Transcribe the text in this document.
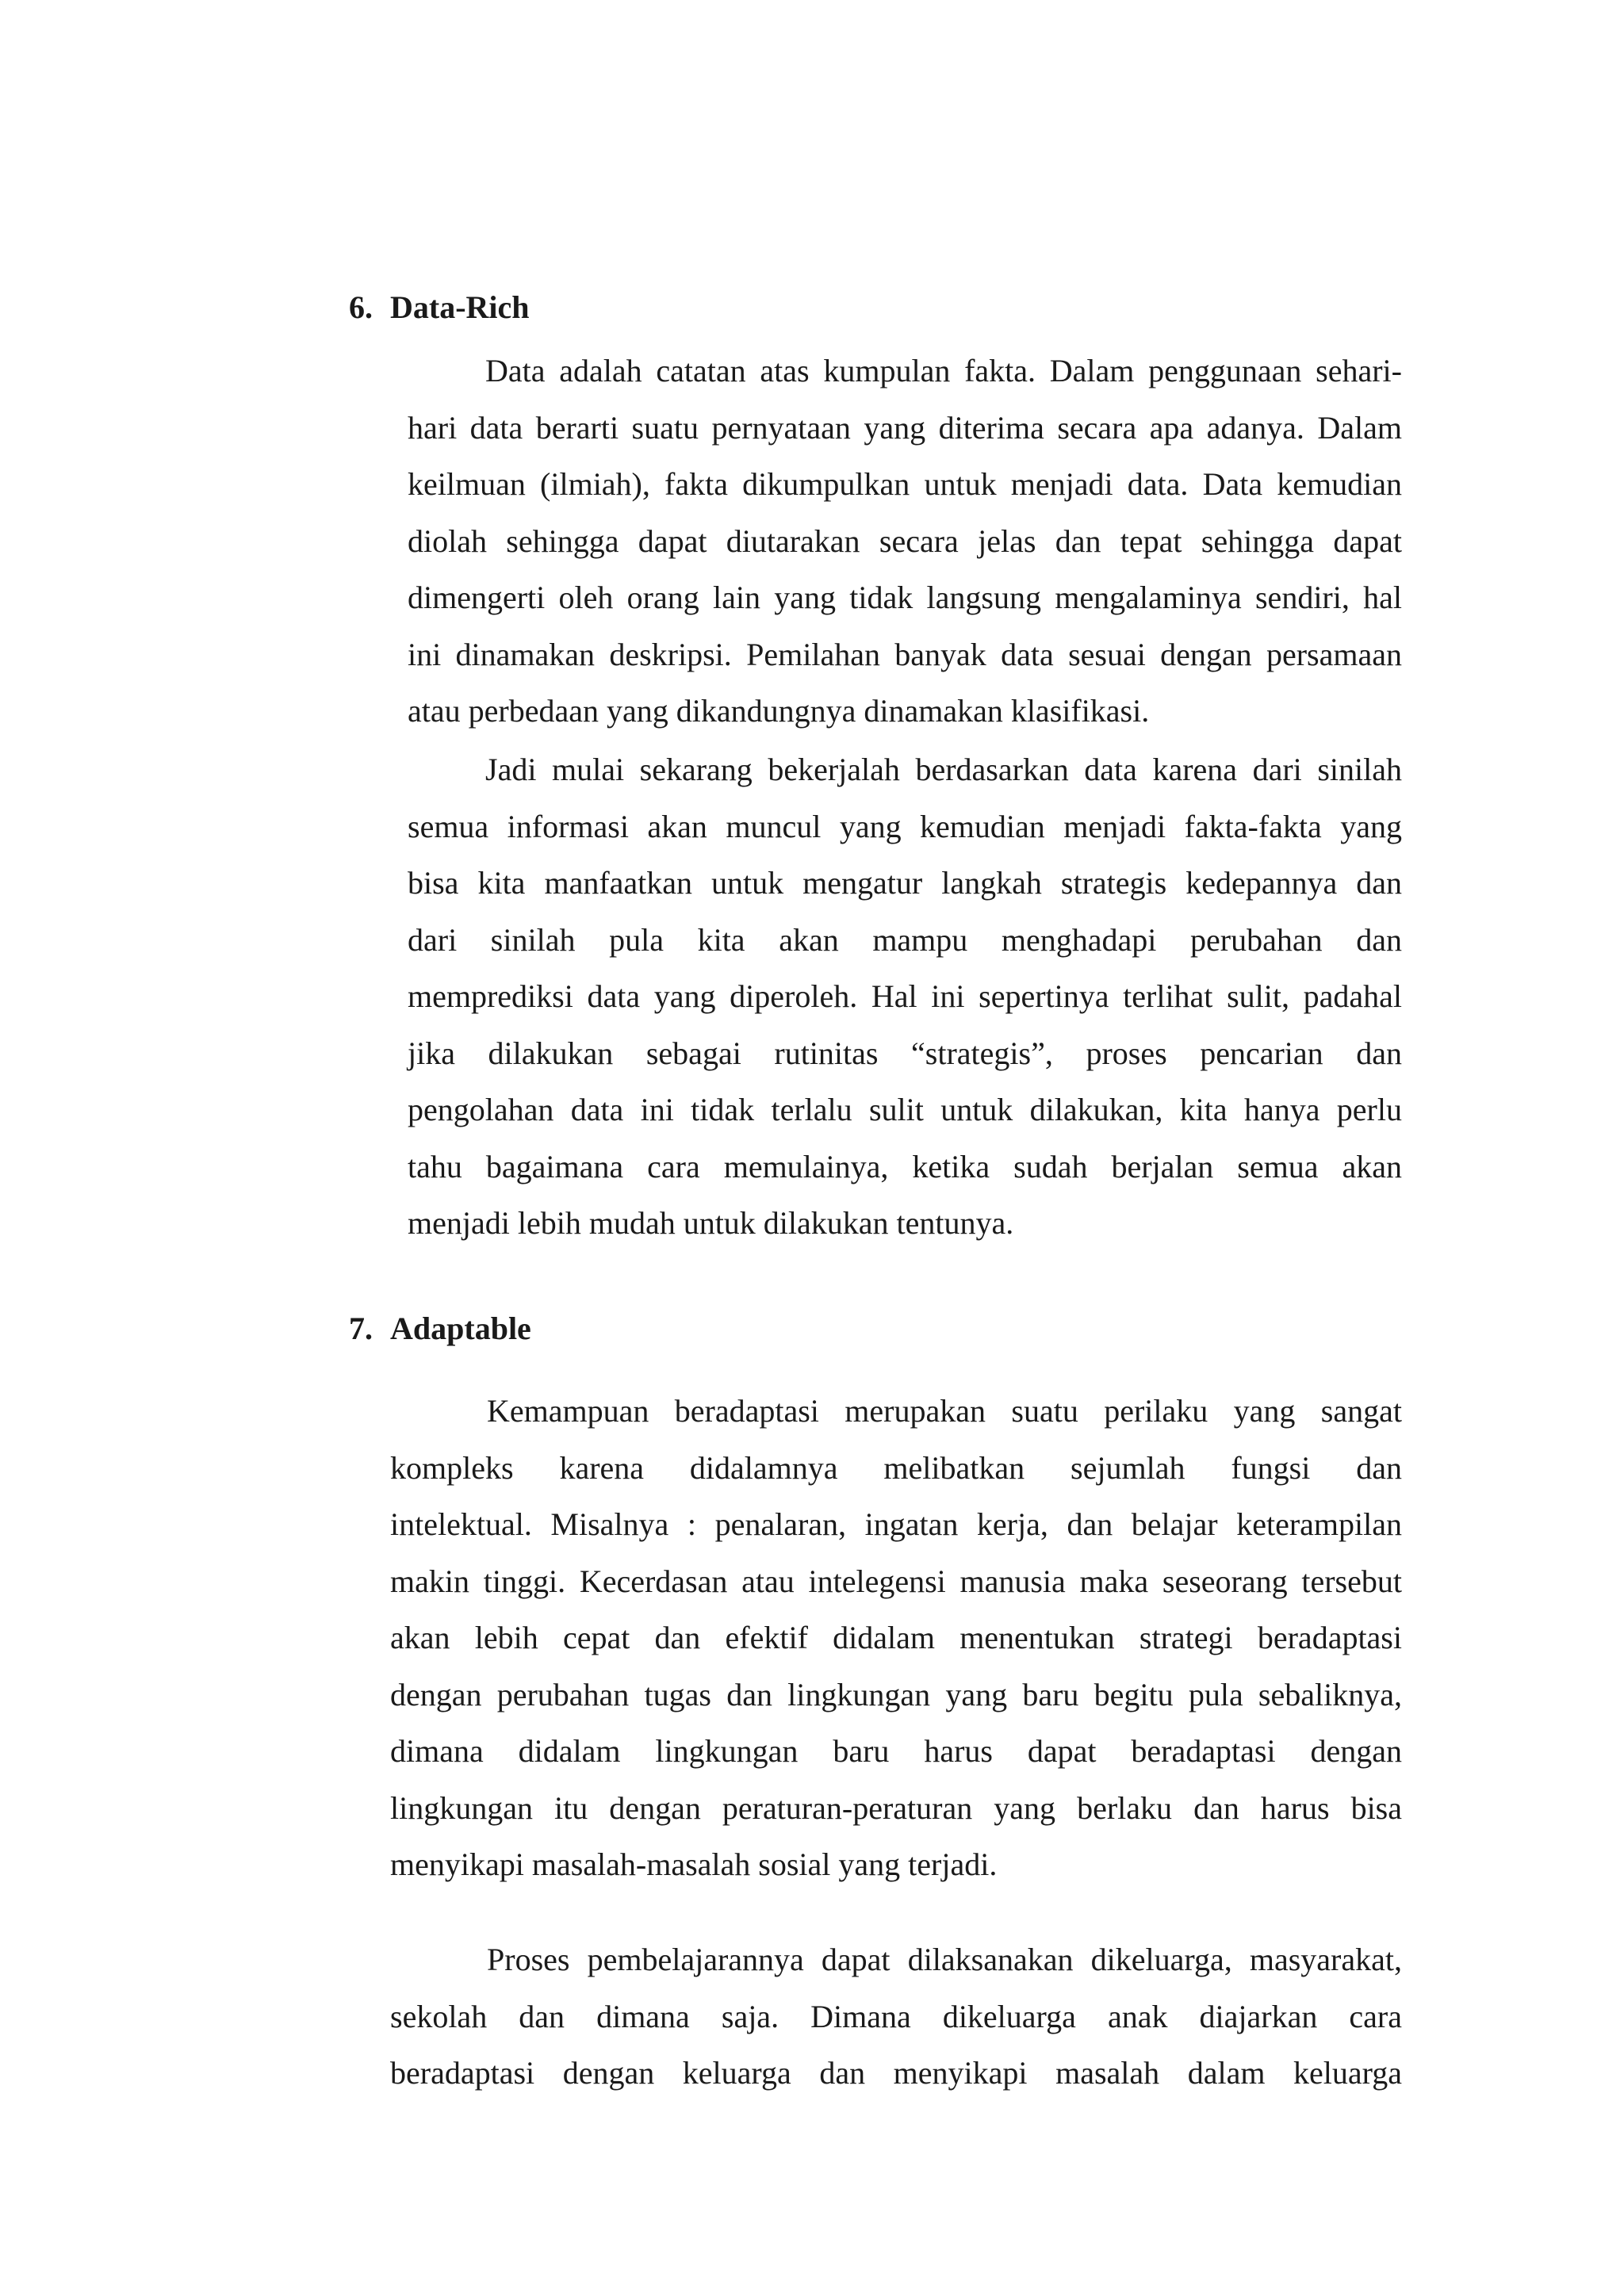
6. Data-Rich
Data adalah catatan atas kumpulan fakta. Dalam penggunaan sehari-
hari data berarti suatu pernyataan yang diterima secara apa adanya. Dalam
keilmuan (ilmiah), fakta dikumpulkan untuk menjadi data. Data kemudian
diolah sehingga dapat diutarakan secara jelas dan tepat sehingga dapat
dimengerti oleh orang lain yang tidak langsung mengalaminya sendiri, hal
ini dinamakan deskripsi. Pemilahan banyak data sesuai dengan persamaan
atau perbedaan yang dikandungnya dinamakan klasifikasi.
Jadi mulai sekarang bekerjalah berdasarkan data karena dari sinilah
semua informasi akan muncul yang kemudian menjadi fakta-fakta yang
bisa kita manfaatkan untuk mengatur langkah strategis kedepannya dan
dari sinilah pula kita akan mampu menghadapi perubahan dan
memprediksi data yang diperoleh. Hal ini sepertinya terlihat sulit, padahal
jika dilakukan sebagai rutinitas “strategis”, proses pencarian dan
pengolahan data ini tidak terlalu sulit untuk dilakukan, kita hanya perlu
tahu bagaimana cara memulainya, ketika sudah berjalan semua akan
menjadi lebih mudah untuk dilakukan tentunya.
7. Adaptable
Kemampuan beradaptasi merupakan suatu perilaku yang sangat
kompleks karena didalamnya melibatkan sejumlah fungsi dan
intelektual. Misalnya : penalaran, ingatan kerja, dan belajar keterampilan
makin tinggi. Kecerdasan atau intelegensi manusia maka seseorang tersebut
akan lebih cepat dan efektif didalam menentukan strategi beradaptasi
dengan perubahan tugas dan lingkungan yang baru begitu pula sebaliknya,
dimana didalam lingkungan baru harus dapat beradaptasi dengan
lingkungan itu dengan peraturan-peraturan yang berlaku dan harus bisa
menyikapi masalah-masalah sosial yang terjadi.
Proses pembelajarannya dapat dilaksanakan dikeluarga, masyarakat,
sekolah dan dimana saja. Dimana dikeluarga anak diajarkan cara
beradaptasi dengan keluarga dan menyikapi masalah dalam keluarga
